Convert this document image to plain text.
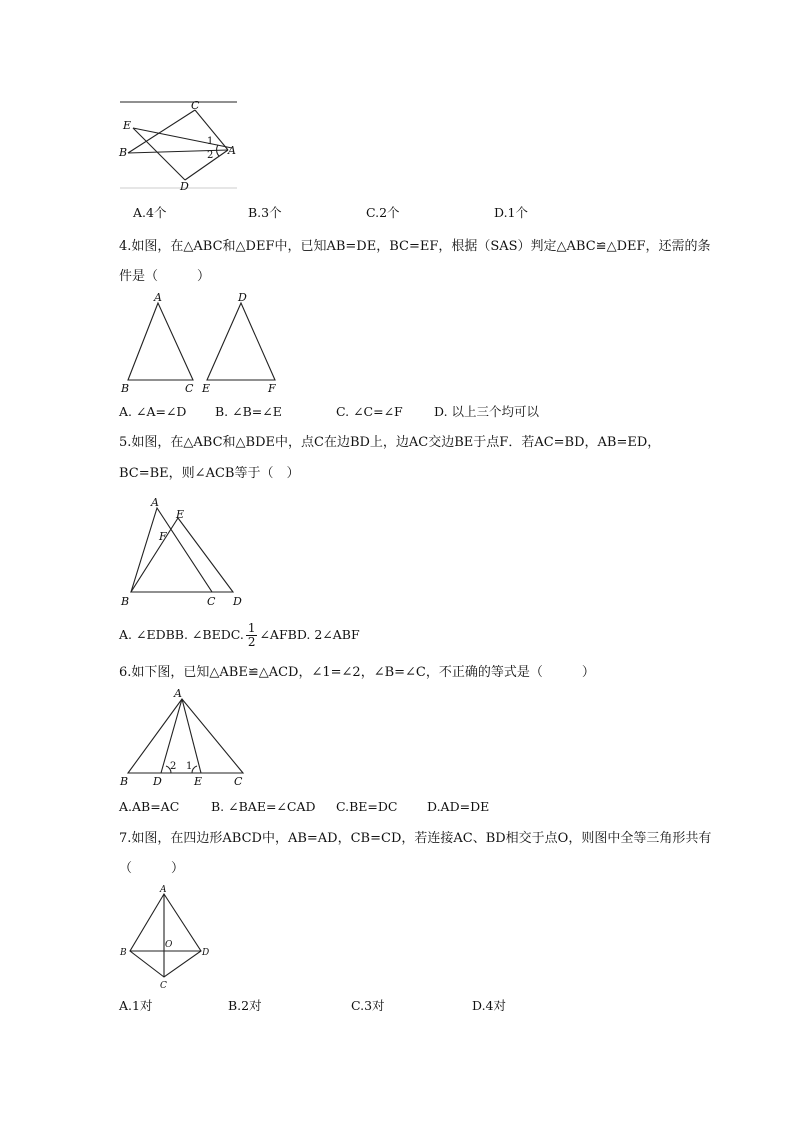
C
E
B	A
D
1
2
A.4个	B.3个	C.2个	D.1个
4.如图，在△ABC和△DEF中，已知AB=DE，BC=EF，根据（SAS）判定△ABC≌△DEF，还需的条
件是（　　　）
A
B	C
D
E	F
A. ∠A=∠D B. ∠B=∠E	C. ∠C=∠F	D. 以上三个均可以
5.如图，在△ABC和△BDE中，点C在边BD上，边AC交边BE于点F．若AC=BD，AB=ED，
BC=BE，则∠ACB等于（　）
A
E
F
B	C D
A. ∠EDBB. ∠BEDC. $\frac{1}{2}$ ∠AFBD. 2∠ABF
6.如下图，已知△ABE≌△ACD，∠1=∠2，∠B=∠C，不正确的等式是（　　　）
A
B D	E	C
2 1
A.AB=AC	B. ∠BAE=∠CAD C.BE=DC D.AD=DE
7.如图，在四边形ABCD中，AB=AD，CB=CD，若连接AC、BD相交于点O，则图中全等三角形共有
（　　　）
A
B
O
D
C
A.1对	B.2对	C.3对	D.4对
